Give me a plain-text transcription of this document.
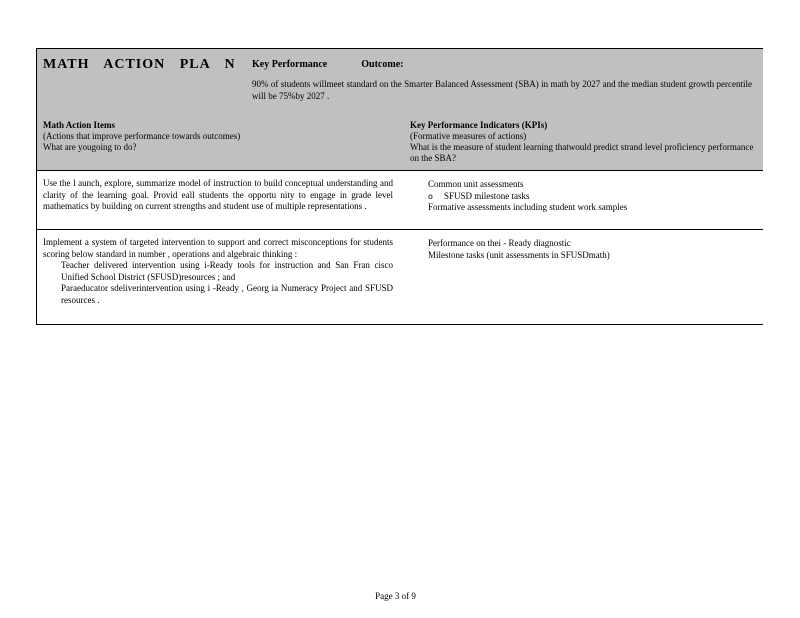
MATH ACTION PLA N Key Performance	Outcome:
90% of students willmeet standard on the Smarter Balanced Assessment (SBA) in math by 2027 and the median student growth percentile will be 75%by 2027 .
Math Action Items
(Actions that improve performance towards outcomes)
What are yougoing to do?
Key Performance Indicators (KPIs)
(Formative measures of actions)
What is the measure of student learning thatwould predict strand level proficiency performance on the SBA?
Use the l aunch, explore, summarize model of instruction to build conceptual understanding and clarity of the learning goal. Provid eall students the opportu nity to engage in grade level mathematics by building on current strengths and student use of multiple representations .
Common unit assessments
o	SFUSD milestone tasks
Formative assessments including student work samples
Implement a system of targeted intervention to support and correct misconceptions for students scoring below standard in number , operations and algebraic thinking :
Teacher delivered intervention using i-Ready tools for instruction and San Fran cisco Unified School District (SFUSD)resources ; and
Paraeducator sdeliverintervention using i -Ready , Georg ia Numeracy Project and SFUSD resources .
Performance on thei - Ready diagnostic
Milestone tasks (unit assessments in SFUSDmath)
Page 3 of 9
